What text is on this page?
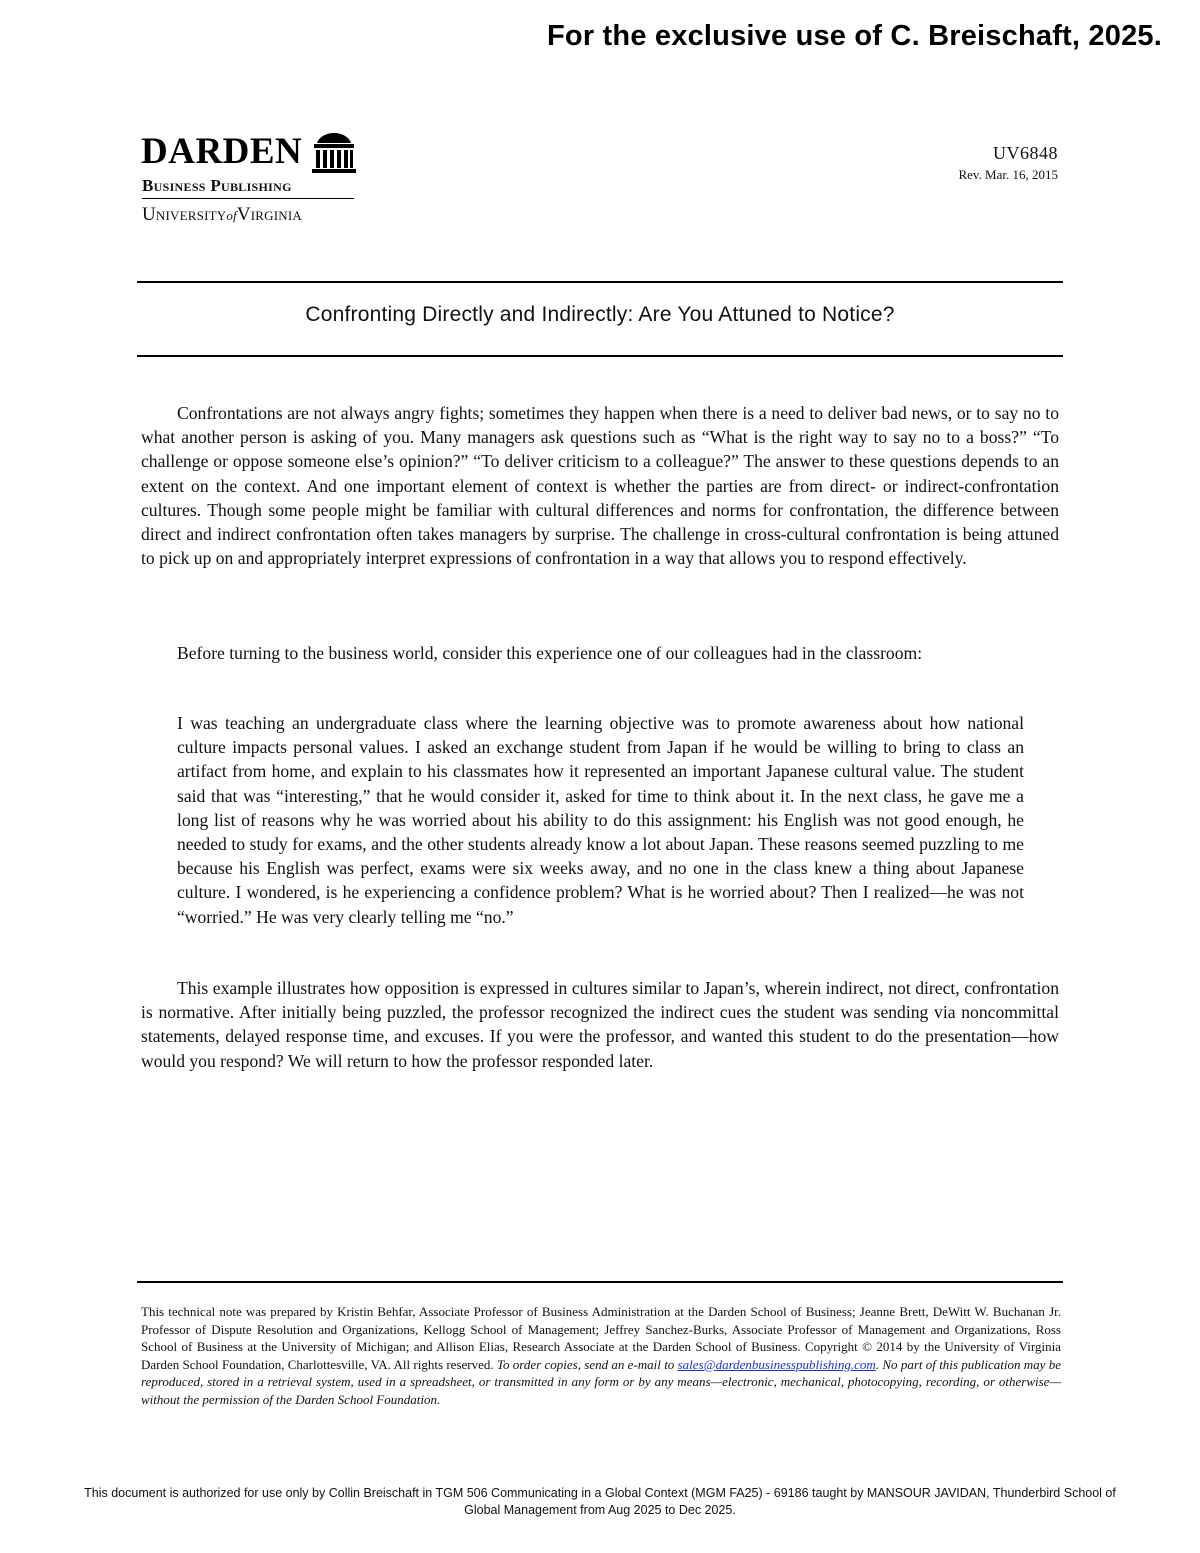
For the exclusive use of C. Breischaft, 2025.
DARDEN
Business Publishing
UniversityofVirginia
UV6848
Rev. Mar. 16, 2015
Confronting Directly and Indirectly: Are You Attuned to Notice?

Confrontations are not always angry fights; sometimes they happen when there is a need to deliver bad news, or to say no to what another person is asking of you. Many managers ask questions such as “What is the right way to say no to a boss?” “To challenge or oppose someone else’s opinion?” “To deliver criticism to a colleague?” The answer to these questions depends to an extent on the context. And one important element of context is whether the parties are from direct- or indirect-confrontation cultures. Though some people might be familiar with cultural differences and norms for confrontation, the difference between direct and indirect confrontation often takes managers by surprise. The challenge in cross-cultural confrontation is being attuned to pick up on and appropriately interpret expressions of confrontation in a way that allows you to respond effectively.

Before turning to the business world, consider this experience one of our colleagues had in the classroom:

I was teaching an undergraduate class where the learning objective was to promote awareness about how national culture impacts personal values. I asked an exchange student from Japan if he would be willing to bring to class an artifact from home, and explain to his classmates how it represented an important Japanese cultural value. The student said that was “interesting,” that he would consider it, asked for time to think about it. In the next class, he gave me a long list of reasons why he was worried about his ability to do this assignment: his English was not good enough, he needed to study for exams, and the other students already know a lot about Japan. These reasons seemed puzzling to me because his English was perfect, exams were six weeks away, and no one in the class knew a thing about Japanese culture. I wondered, is he experiencing a confidence problem? What is he worried about? Then I realized—he was not “worried.” He was very clearly telling me “no.”

This example illustrates how opposition is expressed in cultures similar to Japan’s, wherein indirect, not direct, confrontation is normative. After initially being puzzled, the professor recognized the indirect cues the student was sending via noncommittal statements, delayed response time, and excuses. If you were the professor, and wanted this student to do the presentation—how would you respond? We will return to how the professor responded later.

This technical note was prepared by Kristin Behfar, Associate Professor of Business Administration at the Darden School of Business; Jeanne Brett, DeWitt W. Buchanan Jr. Professor of Dispute Resolution and Organizations, Kellogg School of Management; Jeffrey Sanchez-Burks, Associate Professor of Management and Organizations, Ross School of Business at the University of Michigan; and Allison Elias, Research Associate at the Darden School of Business. Copyright © 2014 by the University of Virginia Darden School Foundation, Charlottesville, VA. All rights reserved. To order copies, send an e-mail to sales@dardenbusinesspublishing.com. No part of this publication may be reproduced, stored in a retrieval system, used in a spreadsheet, or transmitted in any form or by any means—electronic, mechanical, photocopying, recording, or otherwise—without the permission of the Darden School Foundation.

This document is authorized for use only by Collin Breischaft in TGM 506 Communicating in a Global Context (MGM FA25) - 69186 taught by MANSOUR JAVIDAN, Thunderbird School of
Global Management from Aug 2025 to Dec 2025.
